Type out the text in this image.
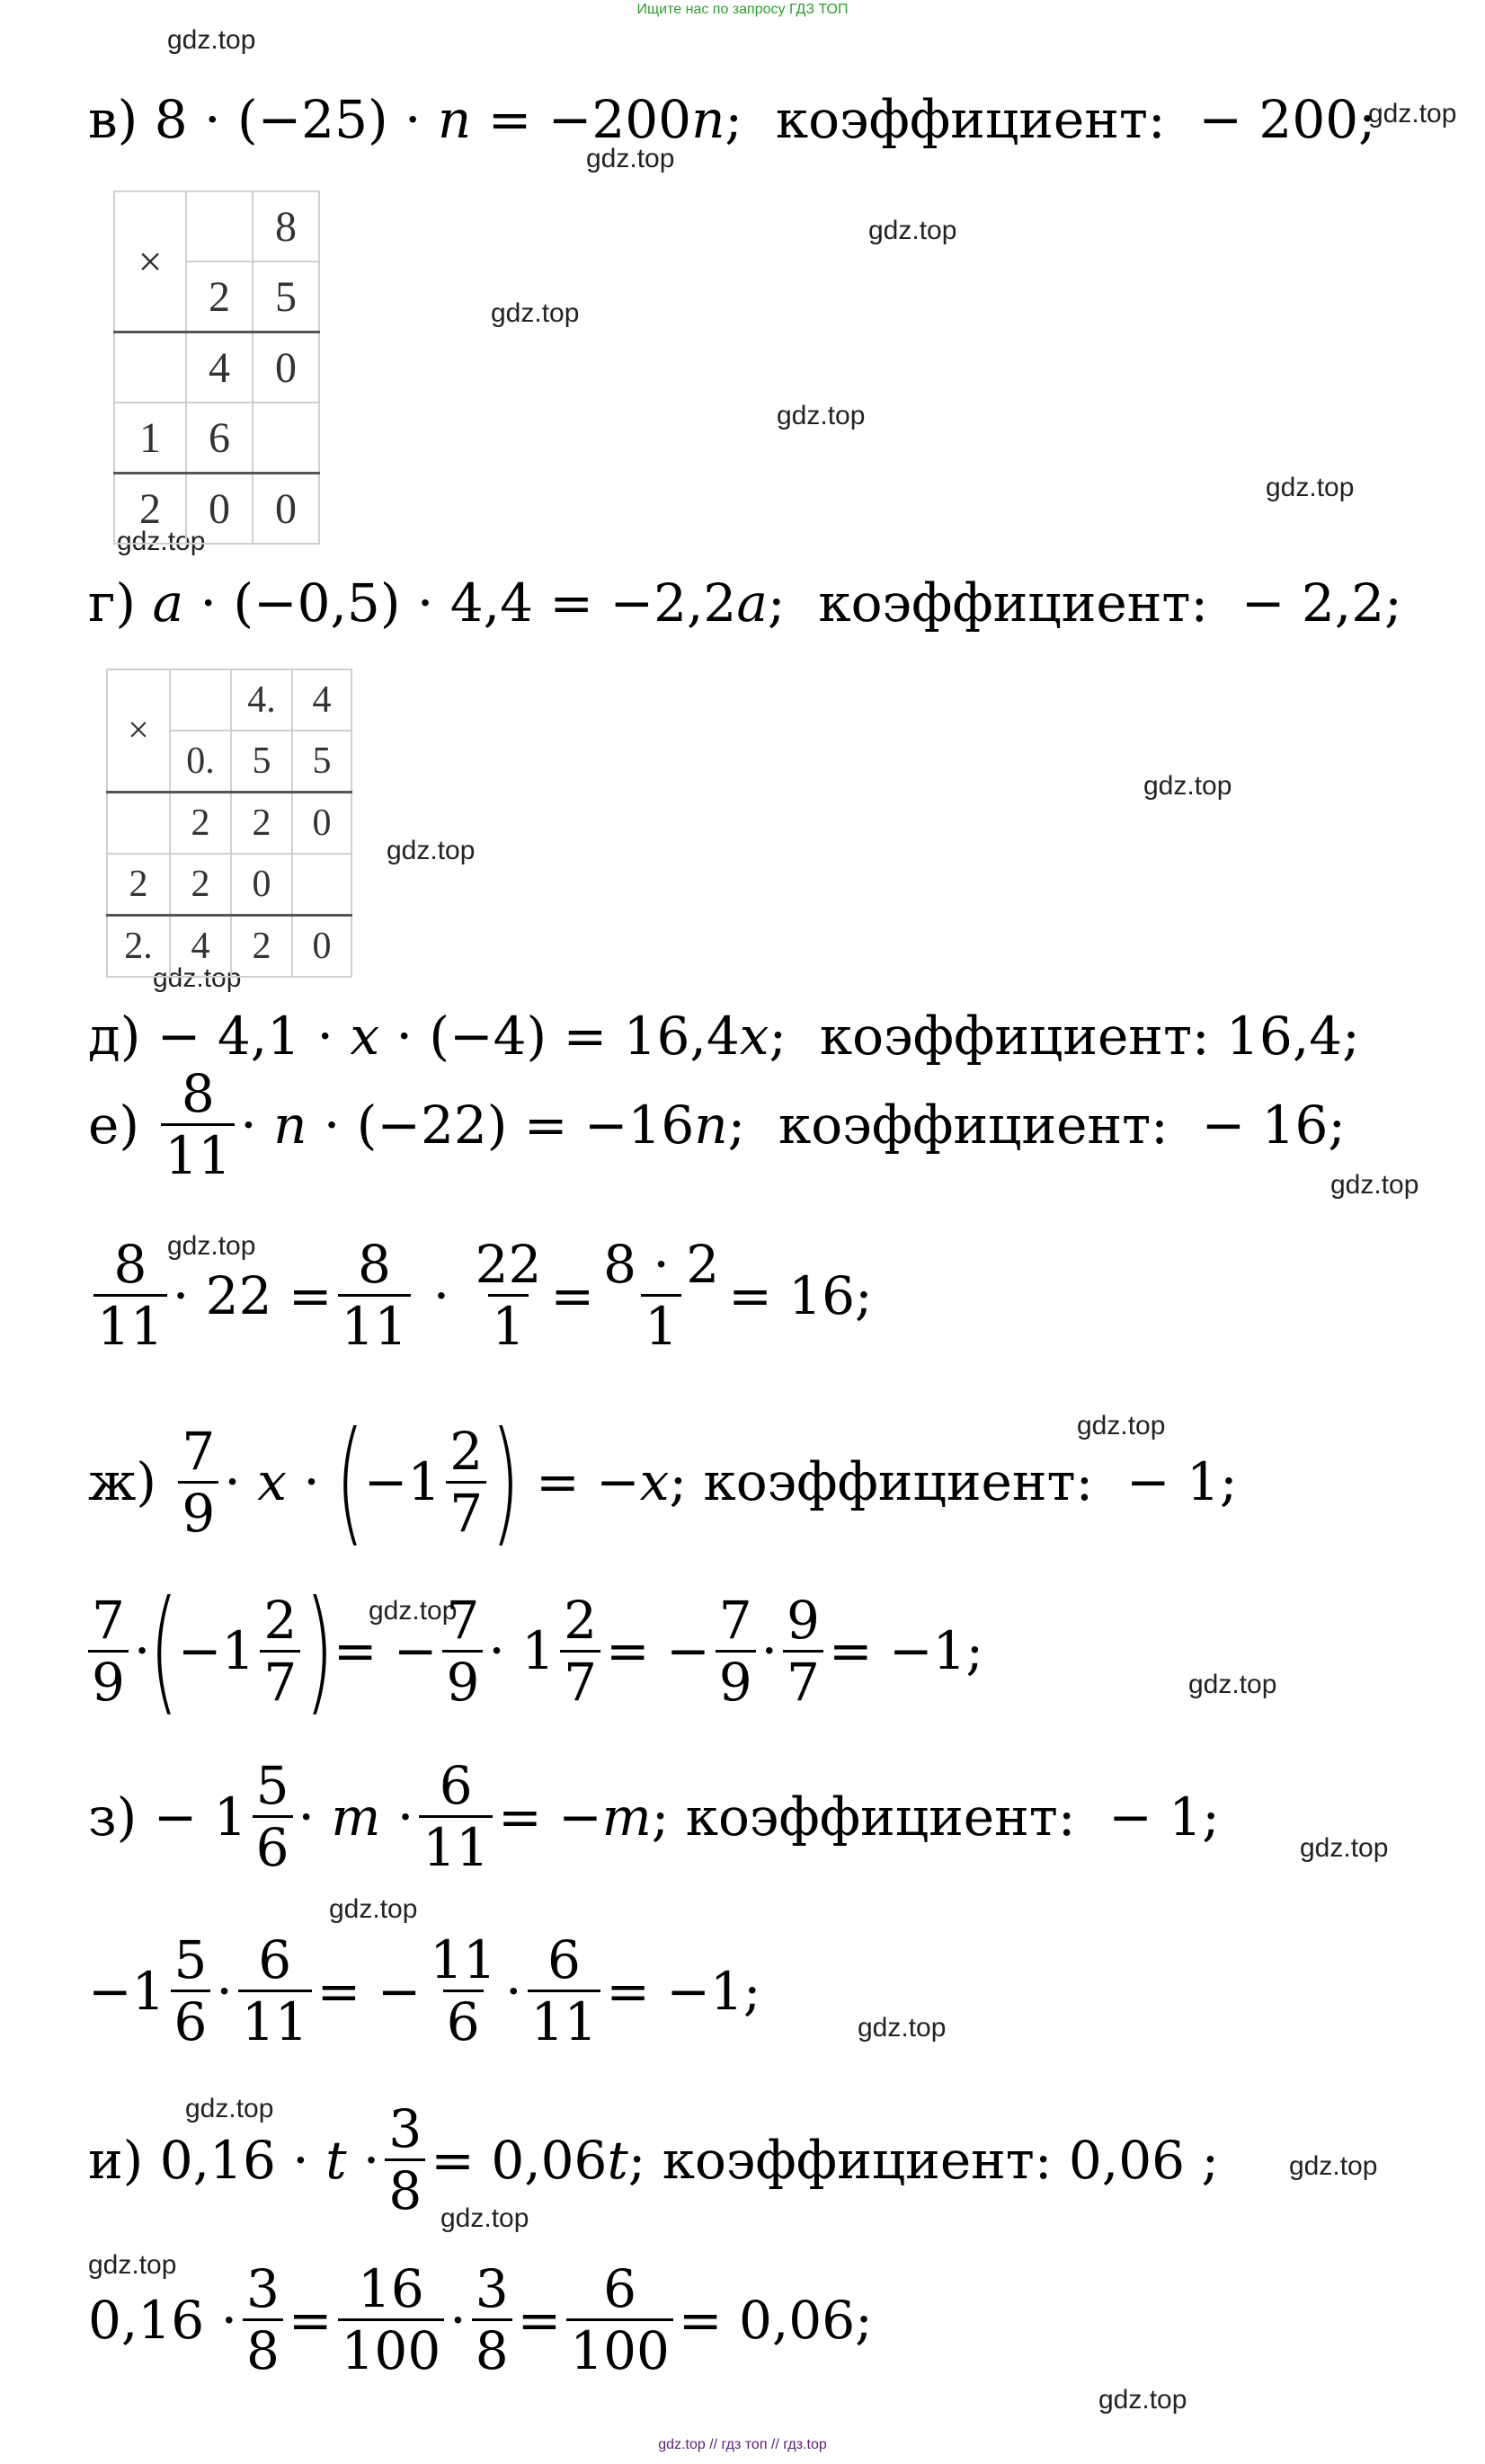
Ищите нас по запросу ГДЗ ТОП
gdz.top
gdz.top
gdz.top
gdz.top
gdz.top
gdz.top
gdz.top
gdz.top
gdz.top
gdz.top
gdz.top
gdz.top
gdz.top
gdz.top
gdz.top
gdz.top
gdz.top
gdz.top
gdz.top
gdz.top
gdz.top
gdz.top
gdz.top
gdz.top
в)
8
·
(−25) · n
=
−200 n ;  коэффициент:  − 200;
×		8
	2	5
	4	0
1	6	
2	0	0
г)
a · (−0,5) · 4,4 = −2,2 a ;  коэффициент:  − 2,2;
×		4.	4
	0.	5	5
	2	2	0
2	2	0	
2.	4	2	0
д) − 4,1 · x · (−4) = 16,4 x ;  коэффициент: 16,4;
е)
$\frac{8}{11} \cdot n \cdot (-22) = -16$ n ;  коэффициент:  − 16;
$\frac{8}{11} \cdot 22 = \frac{8}{11} \cdot \frac{22}{1} = \frac{8 \cdot 2}{1} = 16$;
ж)
$\frac{7}{9} \cdot x$ · ( $-1 \frac{2}{7}$ ) = − x ; коэффициент:  − 1;
$\frac{7}{9}$ · ( $-1 \frac{2}{7}$ ) = − $\frac{7}{9} \cdot 1 \frac{2}{7}$ = − $\frac{7}{9} \cdot \frac{9}{7} = -1$;
$з) - 1 \frac{5}{6} \cdot m \cdot \frac{6}{11}$ = − m ; коэффициент:  − 1;
$-1 \frac{5}{6} \cdot \frac{6}{11}$ = − $\frac{11}{6} \cdot \frac{6}{11} = -1$;
и) $0,16 \cdot t \cdot \frac{3}{8} = 0,06$ t ; коэффициент: 0,06 ;
$0,16 \cdot \frac{3}{8} = \frac{16}{100} \cdot \frac{3}{8} = \frac{6}{100} = 0,06$;
gdz.top // гдз топ // гдз.top
